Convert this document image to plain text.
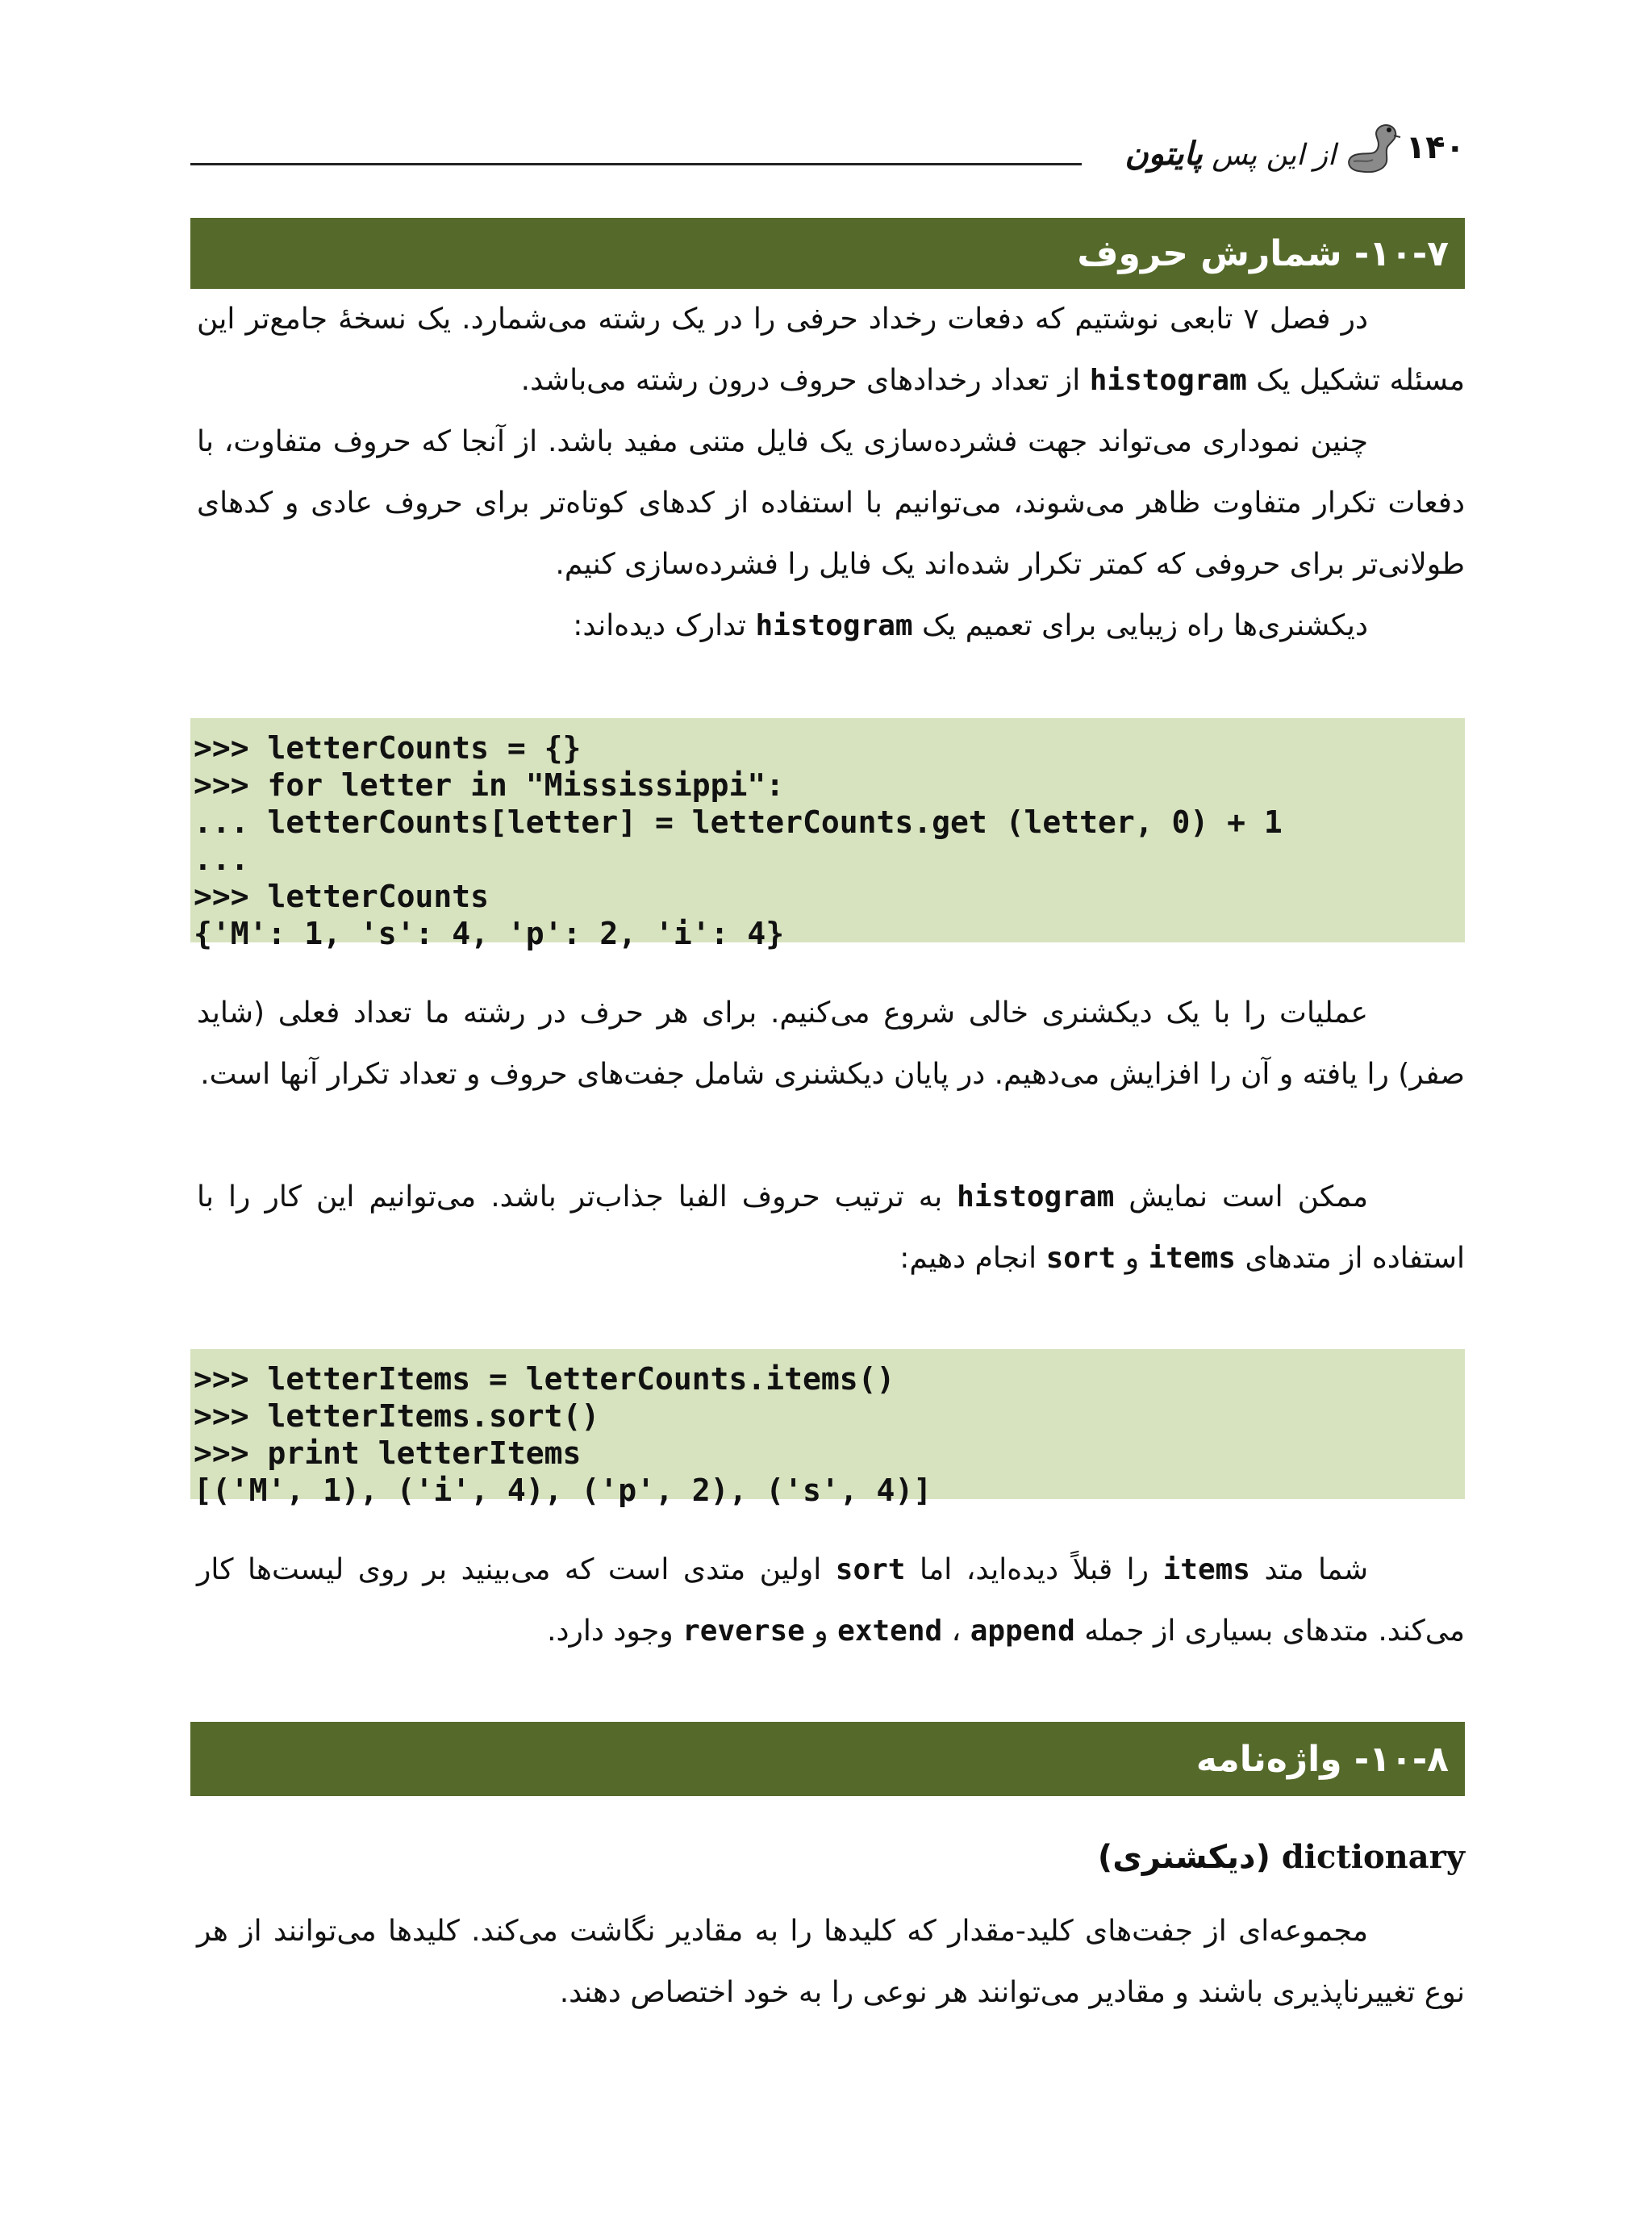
۱۴۰
از این پس پایتون
۱۰-۷- شمارش حروف

در فصل ۷ تابعی نوشتیم که دفعات رخداد حرفی را در یک رشته می‌شمارد. یک نسخهٔ جامع‌تر این مسئله تشکیل یک histogram از تعداد رخدادهای حروف درون رشته می‌باشد.

چنین نموداری می‌تواند جهت فشرده‌سازی یک فایل متنی مفید باشد. از آنجا که حروف متفاوت، با دفعات تکرار متفاوت ظاهر می‌شوند، می‌توانیم با استفاده از کدهای کوتاه‌تر برای حروف عادی و کدهای طولانی‌تر برای حروفی که کمتر تکرار شده‌اند یک فایل را فشرده‌سازی کنیم.

دیکشنری‌ها راه زیبایی برای تعمیم یک histogram تدارک دیده‌اند:

>>> letterCounts = {}
>>> for letter in "Mississippi":
... letterCounts[letter] = letterCounts.get (letter, 0) + 1
...
>>> letterCounts
{'M': 1, 's': 4, 'p': 2, 'i': 4}

عملیات را با یک دیکشنری خالی شروع می‌کنیم. برای هر حرف در رشته ما تعداد فعلی (شاید صفر) را یافته و آن را افزایش می‌دهیم. در پایان دیکشنری شامل جفت‌های حروف و تعداد تکرار آنها است.

ممکن است نمایش histogram به ترتیب حروف الفبا جذاب‌تر باشد. می‌توانیم این کار را با استفاده از متدهای items و sort انجام دهیم:

>>> letterItems = letterCounts.items()
>>> letterItems.sort()
>>> print letterItems
[('M', 1), ('i', 4), ('p', 2), ('s', 4)]

شما متد items را قبلاً دیده‌اید، اما sort اولین متدی است که می‌بینید بر روی لیست‌ها کار می‌کند. متدهای بسیاری از جمله append ، extend و reverse وجود دارد.

۱۰-۸- واژه‌نامه
dictionary (دیکشنری)

مجموعه‌ای از جفت‌های کلید-مقدار که کلیدها را به مقادیر نگاشت می‌کند. کلیدها می‌توانند از هر نوع تغییرناپذیری باشند و مقادیر می‌توانند هر نوعی را به خود اختصاص دهند.
